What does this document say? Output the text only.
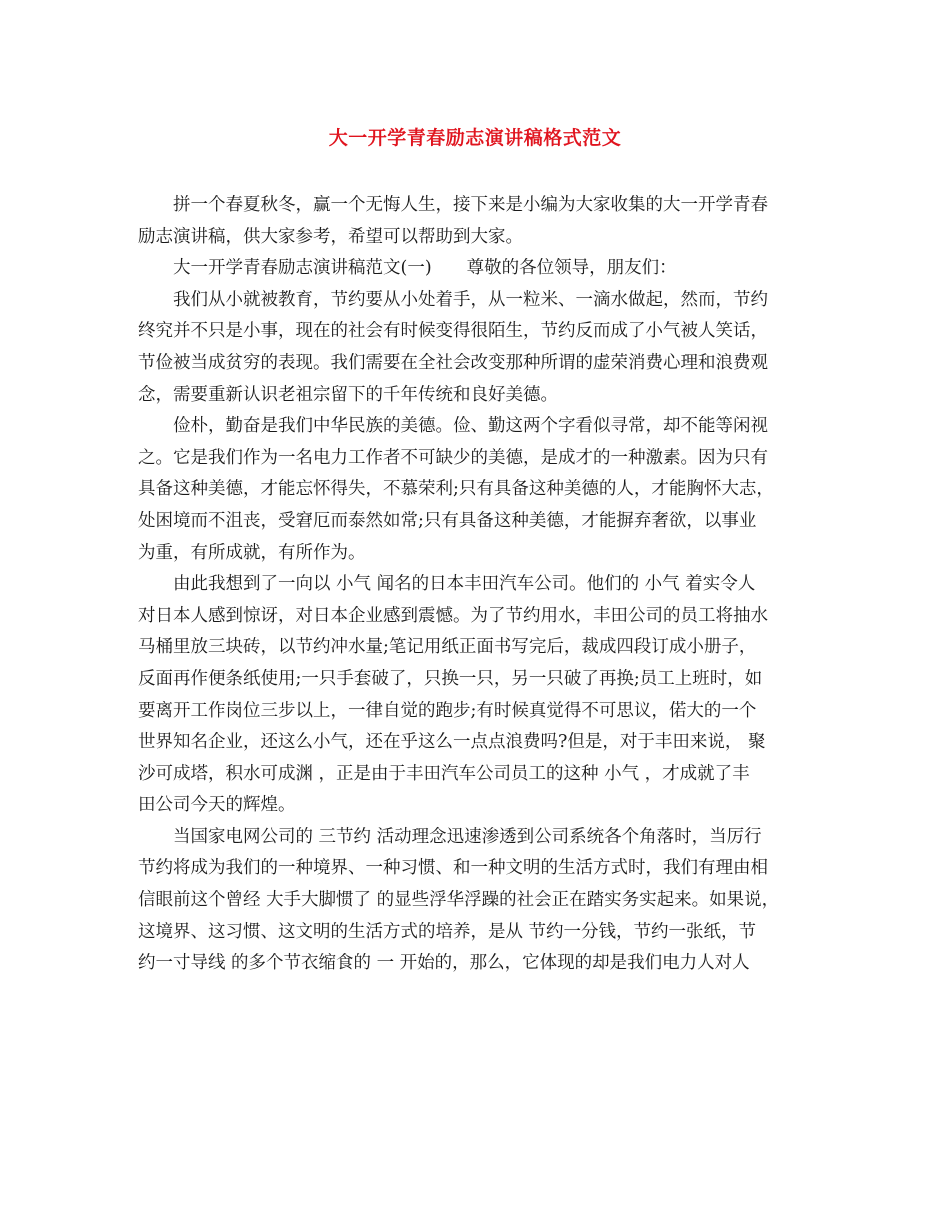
大一开学青春励志演讲稿格式范文
拼一个春夏秋冬，赢一个无悔人生，接下来是小编为大家收集的大一开学青春
励志演讲稿，供大家参考，希望可以帮助到大家。
大一开学青春励志演讲稿范文(一)　　尊敬的各位领导，朋友们：
我们从小就被教育，节约要从小处着手，从一粒米、一滴水做起，然而，节约
终究并不只是小事，现在的社会有时候变得很陌生，节约反而成了小气被人笑话，
节俭被当成贫穷的表现。我们需要在全社会改变那种所谓的虚荣消费心理和浪费观
念，需要重新认识老祖宗留下的千年传统和良好美德。
俭朴，勤奋是我们中华民族的美德。俭、勤这两个字看似寻常，却不能等闲视
之。它是我们作为一名电力工作者不可缺少的美德，是成才的一种激素。因为只有
具备这种美德，才能忘怀得失，不慕荣利;只有具备这种美德的人，才能胸怀大志，
处困境而不沮丧，受窘厄而泰然如常;只有具备这种美德，才能摒弃奢欲，以事业
为重，有所成就，有所作为。
由此我想到了一向以 小气 闻名的日本丰田汽车公司。他们的 小气 着实令人
对日本人感到惊讶，对日本企业感到震憾。为了节约用水，丰田公司的员工将抽水
马桶里放三块砖，以节约冲水量;笔记用纸正面书写完后，裁成四段订成小册子，
反面再作便条纸使用;一只手套破了，只换一只，另一只破了再换;员工上班时，如
要离开工作岗位三步以上，一律自觉的跑步;有时候真觉得不可思议，偌大的一个
世界知名企业，还这么小气，还在乎这么一点点浪费吗?但是，对于丰田来说， 聚
沙可成塔，积水可成渊 ，正是由于丰田汽车公司员工的这种 小气 ，才成就了丰
田公司今天的辉煌。
当国家电网公司的 三节约 活动理念迅速渗透到公司系统各个角落时，当厉行
节约将成为我们的一种境界、一种习惯、和一种文明的生活方式时，我们有理由相
信眼前这个曾经 大手大脚惯了 的显些浮华浮躁的社会正在踏实务实起来。如果说，
这境界、这习惯、这文明的生活方式的培养，是从 节约一分钱，节约一张纸，节
约一寸导线 的多个节衣缩食的 一 开始的，那么，它体现的却是我们电力人对人
